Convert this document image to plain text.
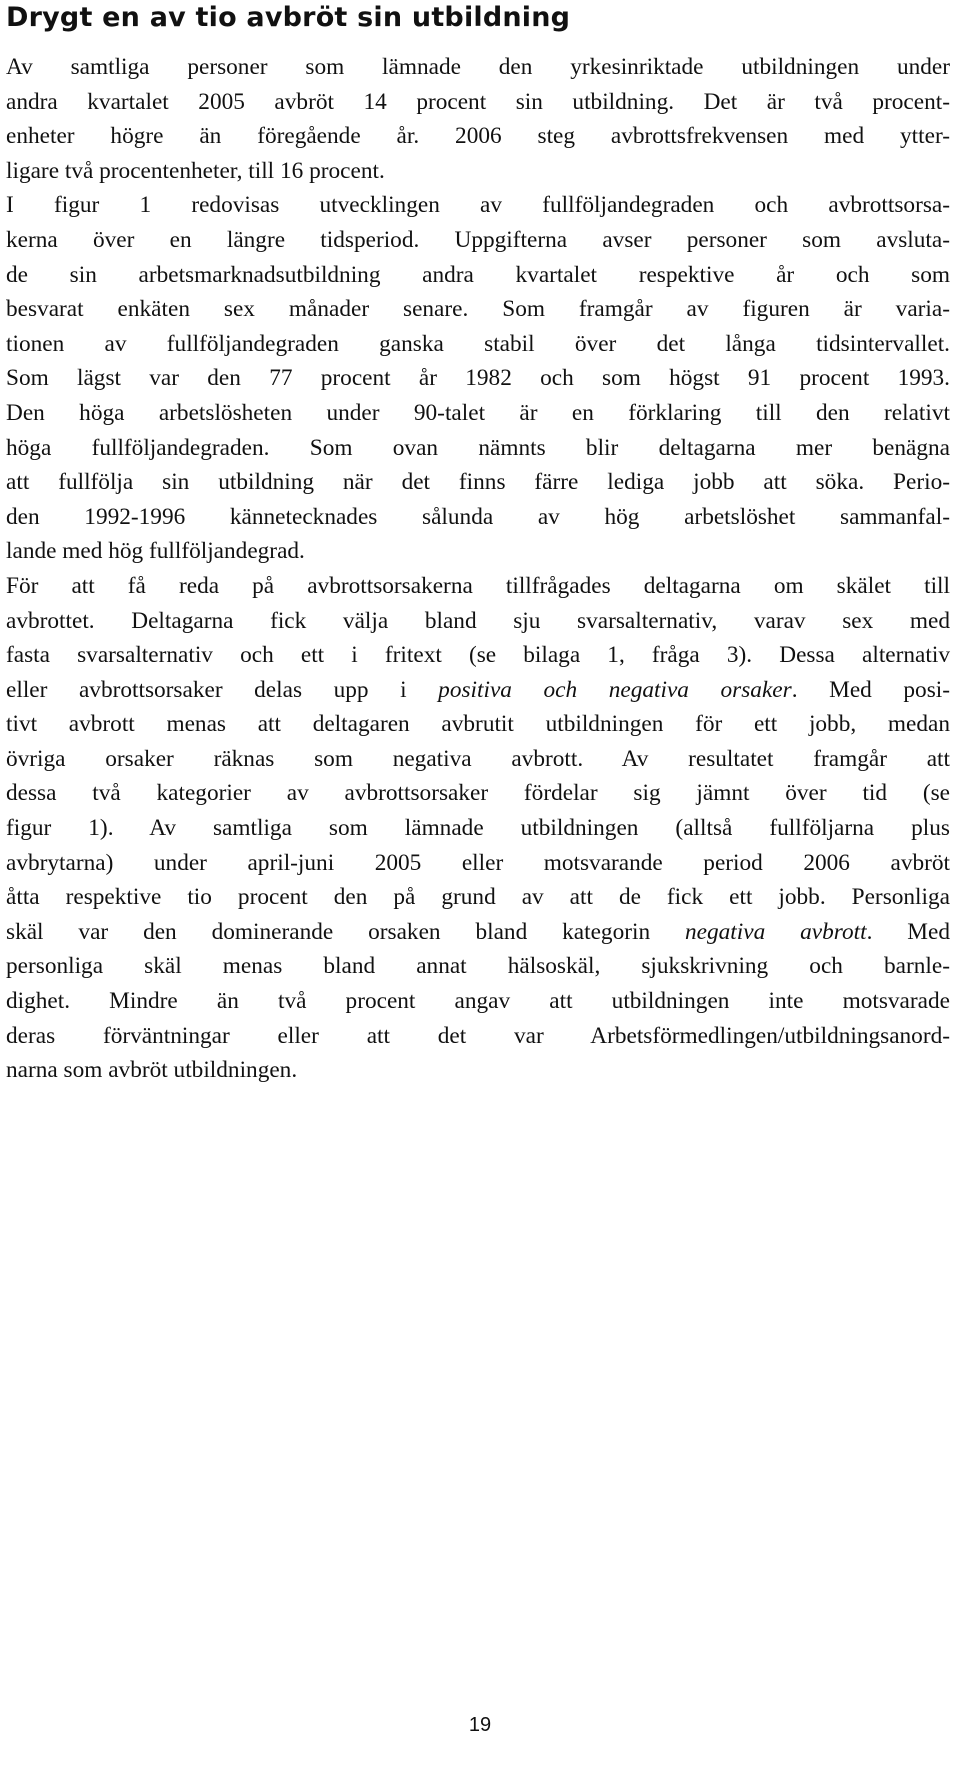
Drygt en av tio avbröt sin utbildning

Av samtliga personer som lämnade den yrkesinriktade utbildningen under
andra kvartalet 2005 avbröt 14 procent sin utbildning. Det är två procent-
enheter högre än föregående år. 2006 steg avbrottsfrekvensen med ytter-
ligare två procentenheter, till 16 procent.

I figur 1 redovisas utvecklingen av fullföljandegraden och avbrottsorsa-
kerna över en längre tidsperiod. Uppgifterna avser personer som avsluta-
de sin arbetsmarknadsutbildning andra kvartalet respektive år och som
besvarat enkäten sex månader senare. Som framgår av figuren är varia-
tionen av fullföljandegraden ganska stabil över det långa tidsintervallet.
Som lägst var den 77 procent år 1982 och som högst 91 procent 1993.
Den höga arbetslösheten under 90-talet är en förklaring till den relativt
höga fullföljandegraden. Som ovan nämnts blir deltagarna mer benägna
att fullfölja sin utbildning när det finns färre lediga jobb att söka. Perio-
den 1992-1996 kännetecknades sålunda av hög arbetslöshet sammanfal-
lande med hög fullföljandegrad.

För att få reda på avbrottsorsakerna tillfrågades deltagarna om skälet till
avbrottet. Deltagarna fick välja bland sju svarsalternativ, varav sex med
fasta svarsalternativ och ett i fritext (se bilaga 1, fråga 3). Dessa alternativ
eller avbrottsorsaker delas upp i positiva och negativa orsaker. Med posi-
tivt avbrott menas att deltagaren avbrutit utbildningen för ett jobb, medan
övriga orsaker räknas som negativa avbrott. Av resultatet framgår att
dessa två kategorier av avbrottsorsaker fördelar sig jämnt över tid (se
figur 1). Av samtliga som lämnade utbildningen (alltså fullföljarna plus
avbrytarna) under april-juni 2005 eller motsvarande period 2006 avbröt
åtta respektive tio procent den på grund av att de fick ett jobb. Personliga
skäl var den dominerande orsaken bland kategorin negativa avbrott. Med
personliga skäl menas bland annat hälsoskäl, sjukskrivning och barnle-
dighet. Mindre än två procent angav att utbildningen inte motsvarade
deras förväntningar eller att det var Arbetsförmedlingen/utbildningsanord-
narna som avbröt utbildningen.

19
